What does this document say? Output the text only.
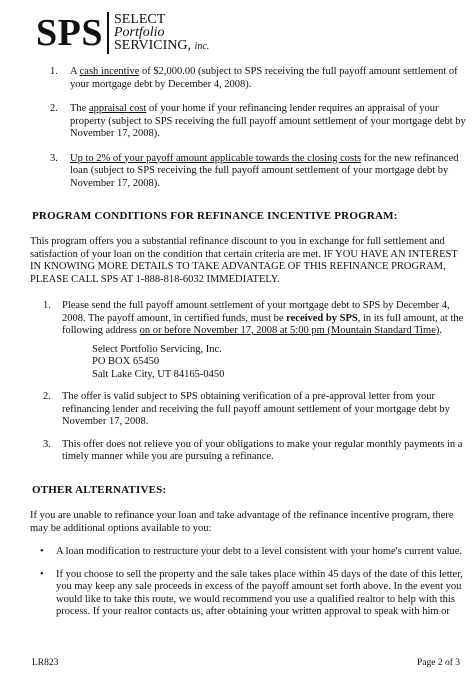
SPS SELECT
Portfolio
SERVICING, inc.
1. A cash incentive of $2,000.00 (subject to SPS receiving the full payoff amount settlement of your mortgage debt by December 4, 2008).
2. The appraisal cost of your home if your refinancing lender requires an appraisal of your property (subject to SPS receiving the full payoff amount settlement of your mortgage debt by November 17, 2008).
3. Up to 2% of your payoff amount applicable towards the closing costs for the new refinanced loan (subject to SPS receiving the full payoff amount settlement of your mortgage debt by November 17, 2008).
PROGRAM CONDITIONS FOR REFINANCE INCENTIVE PROGRAM:
This program offers you a substantial refinance discount to you in exchange for full settlement and satisfaction of your loan on the condition that certain criteria are met. IF YOU HAVE AN INTEREST IN KNOWING MORE DETAILS TO TAKE ADVANTAGE OF THIS REFINANCE PROGRAM, PLEASE CALL SPS AT 1-888-818-6032 IMMEDIATELY.
1. Please send the full payoff amount settlement of your mortgage debt to SPS by December 4, 2008. The payoff amount, in certified funds, must be received by SPS, in its full amount, at the following address on or before November 17, 2008 at 5:00 pm (Mountain Standard Time).
Select Portfolio Servicing, Inc.
PO BOX 65450
Salt Lake City, UT 84165-0450
2. The offer is valid subject to SPS obtaining verification of a pre-approval letter from your refinancing lender and receiving the full payoff amount settlement of your mortgage debt by November 17, 2008.
3. This offer does not relieve you of your obligations to make your regular monthly payments in a timely manner while you are pursuing a refinance.
OTHER ALTERNATIVES:
If you are unable to refinance your loan and take advantage of the refinance incentive program, there may be additional options available to you:
• A loan modification to restructure your debt to a level consistent with your home's current value.
• If you choose to sell the property and the sale takes place within 45 days of the date of this letter, you may keep any sale proceeds in excess of the payoff amount set forth above. In the event you would like to take this route, we would recommend you use a qualified realtor to help with this process. If your realtor contacts us, after obtaining your written approval to speak with him or
LR823	Page 2 of 3
